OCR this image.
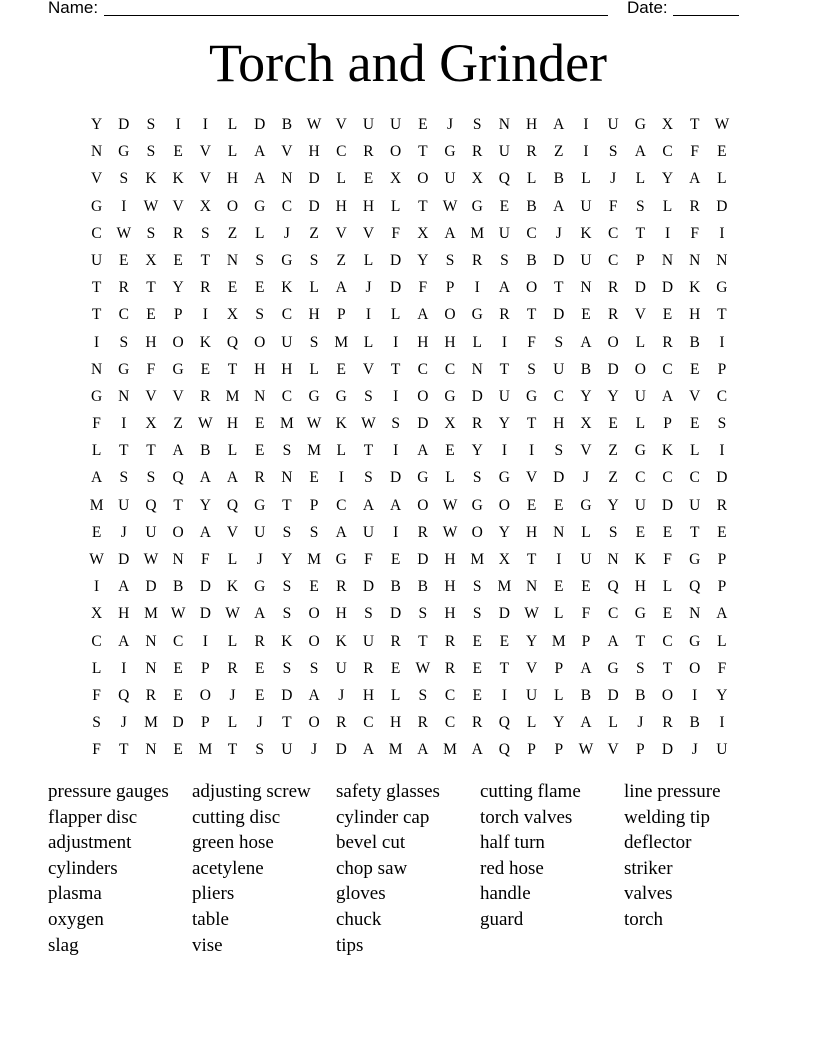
Name:	Date:
Torch and Grinder
Y D S I I L D B W V U U E J S N H A I U G X T W
N G S E V L A V H C R O T G R U R Z I S A C F E
V S K K V H A N D L E X O U X Q L B L J L Y A L
G I W V X O G C D H H L T W G E B A U F S L R D
C W S R S Z L J Z V V F X A M U C J K C T I F I
U E X E T N S G S Z L D Y S R S B D U C P N N N
T R T Y R E E K L A J D F P I A O T N R D D K G
T C E P I X S C H P I L A O G R T D E R V E H T
I S H O K Q O U S M L I H H L I F S A O L R B I
N G F G E T H H L E V T C C N T S U B D O C E P
G N V V R M N C G G S I O G D U G C Y Y U A V C
F I X Z W H E M W K W S D X R Y T H X E L P E S
L T T A B L E S M L T I A E Y I I S V Z G K L I
A S S Q A A R N E I S D G L S G V D J Z C C C D
M U Q T Y Q G T P C A A O W G O E E G Y U D U R
E J U O A V U S S A U I R W O Y H N L S E E T E
W D W N F L J Y M G F E D H M X T I U N K F G P
I A D B D K G S E R D B B H S M N E E Q H L Q P
X H M W D W A S O H S D S H S D W L F C G E N A
C A N C I L R K O K U R T R E E Y M P A T C G L
L I N E P R E S S U R E W R E T V P A G S T O F
F Q R E O J E D A J H L S C E I U L B D B O I Y
S J M D P L J T O R C H R C R Q L Y A L J R B I
F T N E M T S U J D A M A M A Q P P W V P D J U
pressure gauges
flapper disc
adjustment
cylinders
plasma
oxygen
slag
adjusting screw
cutting disc
green hose
acetylene
pliers
table
vise
safety glasses
cylinder cap
bevel cut
chop saw
gloves
chuck
tips
cutting flame
torch valves
half turn
red hose
handle
guard
line pressure
welding tip
deflector
striker
valves
torch
